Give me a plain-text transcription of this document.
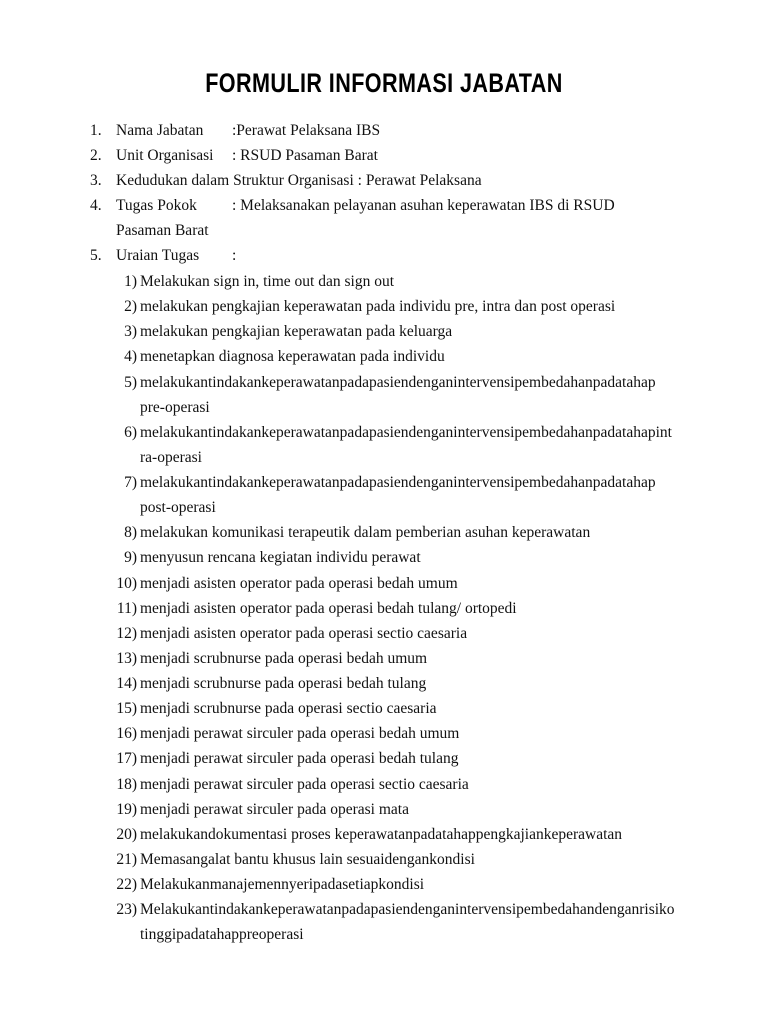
FORMULIR INFORMASI JABATAN
1. Nama Jabatan :Perawat Pelaksana IBS
2. Unit Organisasi : RSUD Pasaman Barat
3. Kedudukan dalam Struktur Organisasi : Perawat Pelaksana
4. Tugas Pokok : Melaksanakan pelayanan asuhan keperawatan IBS di RSUD
Pasaman Barat
5. Uraian Tugas :
1) Melakukan sign in, time out dan sign out
2) melakukan pengkajian keperawatan pada individu pre, intra dan post operasi
3) melakukan pengkajian keperawatan pada keluarga
4) menetapkan diagnosa keperawatan pada individu
5) melakukantindakankeperawatanpadapasiendenganintervensipembedahanpadatahap
pre-operasi
6) melakukantindakankeperawatanpadapasiendenganintervensipembedahanpadatahapint
ra-operasi
7) melakukantindakankeperawatanpadapasiendenganintervensipembedahanpadatahap
post-operasi
8) melakukan komunikasi terapeutik dalam pemberian asuhan keperawatan
9) menyusun rencana kegiatan individu perawat
10) menjadi asisten operator pada operasi bedah umum
11) menjadi asisten operator pada operasi bedah tulang/ ortopedi
12) menjadi asisten operator pada operasi sectio caesaria
13) menjadi scrubnurse pada operasi bedah umum
14) menjadi scrubnurse pada operasi bedah tulang
15) menjadi scrubnurse pada operasi sectio caesaria
16) menjadi perawat sirculer pada operasi bedah umum
17) menjadi perawat sirculer pada operasi bedah tulang
18) menjadi perawat sirculer pada operasi sectio caesaria
19) menjadi perawat sirculer pada operasi mata
20) melakukandokumentasi proses keperawatanpadatahappengkajiankeperawatan
21) Memasangalat bantu khusus lain sesuaidengankondisi
22) Melakukanmanajemennyeripadasetiapkondisi
23) Melakukantindakankeperawatanpadapasiendenganintervensipembedahandenganrisiko
tinggipadatahappreoperasi
